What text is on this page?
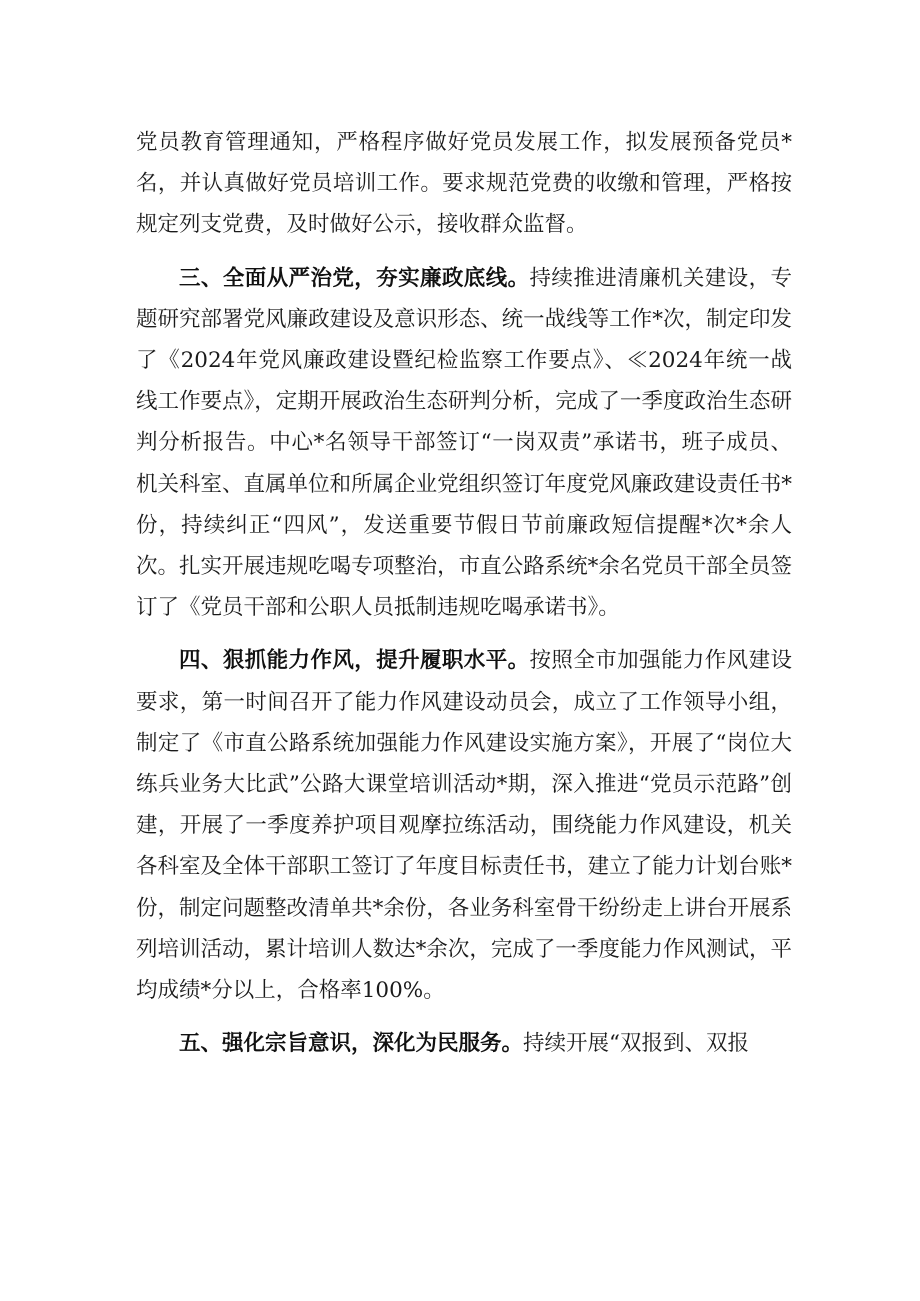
党员教育管理通知，严格程序做好党员发展工作，拟发展预备党员*名，并认真做好党员培训工作。要求规范党费的收缴和管理，严格按规定列支党费，及时做好公示，接收群众监督。

三、全面从严治党，夯实廉政底线。持续推进清廉机关建设，专题研究部署党风廉政建设及意识形态、统一战线等工作*次，制定印发了《2024年党风廉政建设暨纪检监察工作要点》、≪2024年统一战线工作要点》，定期开展政治生态研判分析，完成了一季度政治生态研判分析报告。中心*名领导干部签订“一岗双责”承诺书，班子成员、机关科室、直属单位和所属企业党组织签订年度党风廉政建设责任书*份，持续纠正“四风”，发送重要节假日节前廉政短信提醒*次*余人次。扎实开展违规吃喝专项整治，市直公路系统*余名党员干部全员签订了《党员干部和公职人员抵制违规吃喝承诺书》。

四、狠抓能力作风，提升履职水平。按照全市加强能力作风建设要求，第一时间召开了能力作风建设动员会，成立了工作领导小组，制定了《市直公路系统加强能力作风建设实施方案》，开展了“岗位大练兵业务大比武”公路大课堂培训活动*期，深入推进“党员示范路”创建，开展了一季度养护项目观摩拉练活动，围绕能力作风建设，机关各科室及全体干部职工签订了年度目标责任书，建立了能力计划台账*份，制定问题整改清单共*余份，各业务科室骨干纷纷走上讲台开展系列培训活动，累计培训人数达*余次，完成了一季度能力作风测试，平均成绩*分以上，合格率100%。

五、强化宗旨意识，深化为民服务。持续开展“双报到、双报
